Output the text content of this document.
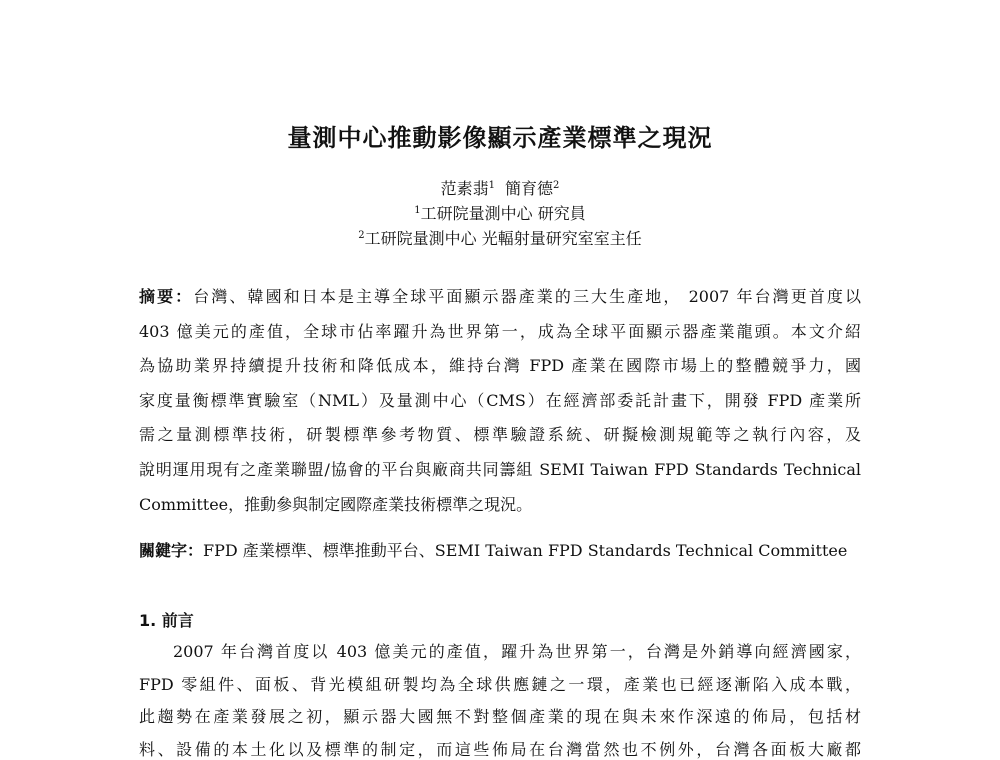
量測中心推動影像顯示產業標準之現況
范素翡$^1$ 簡育德$^2$
$^1$工研院量測中心 研究員
$^2$工研院量測中心 光輻射量研究室室主任
摘要：台灣、韓國和日本是主導全球平面顯示器產業的三大生產地， 2007 年台灣更首度以
403 億美元的產值，全球市佔率躍升為世界第一，成為全球平面顯示器產業龍頭。本文介紹
為協助業界持續提升技術和降低成本，維持台灣 FPD 產業在國際市場上的整體競爭力，國
家度量衡標準實驗室（NML）及量測中心（CMS）在經濟部委託計畫下，開發 FPD 產業所
需之量測標準技術，研製標準參考物質、標準驗證系統、研擬檢測規範等之執行內容，及
說明運用現有之產業聯盟/協會的平台與廠商共同籌組 SEMI Taiwan FPD Standards Technical
Committee，推動參與制定國際產業技術標準之現況。
關鍵字：FPD 產業標準、標準推動平台、SEMI Taiwan FPD Standards Technical Committee
1. 前言
2007 年台灣首度以 403 億美元的產值，躍升為世界第一，台灣是外銷導向經濟國家，
FPD 零組件、面板、背光模組研製均為全球供應鏈之一環，產業也已經逐漸陷入成本戰，
此趨勢在產業發展之初，顯示器大國無不對整個產業的現在與未來作深遠的佈局，包括材
料、設備的本土化以及標準的制定，而這些佈局在台灣當然也不例外，台灣各面板大廠都
